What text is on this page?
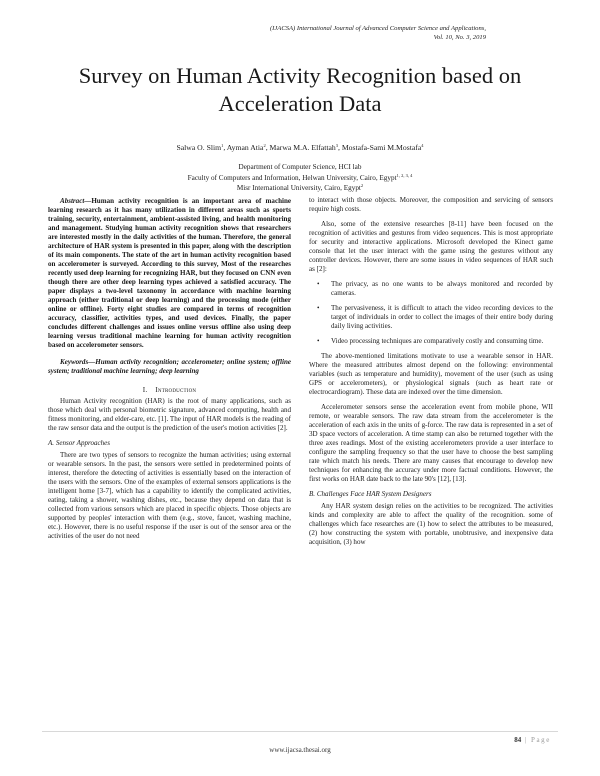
(IJACSA) International Journal of Advanced Computer Science and Applications,
Vol. 10, No. 3, 2019
Survey on Human Activity Recognition based on
Acceleration Data
Salwa O. Slim$^1$, Ayman Atia$^2$, Marwa M.A. Elfattah$^3$, Mostafa-Sami M.Mostafa$^4$
Department of Computer Science, HCI lab
Faculty of Computers and Information, Helwan University, Cairo, Egypt$^{1, 2, 3, 4}$
Misr International University, Cairo, Egypt$^2$

Abstract—Human activity recognition is an important area of machine learning research as it has many utilization in different areas such as sports training, security, entertainment, ambient-assisted living, and health monitoring and management. Studying human activity recognition shows that researchers are interested mostly in the daily activities of the human. Therefore, the general architecture of HAR system is presented in this paper, along with the description of its main components. The state of the art in human activity recognition based on accelerometer is surveyed. According to this survey, Most of the researches recently used deep learning for recognizing HAR, but they focused on CNN even though there are other deep learning types achieved a satisfied accuracy. The paper displays a two-level taxonomy in accordance with machine learning approach (either traditional or deep learning) and the processing mode (either online or offline). Forty eight studies are compared in terms of recognition accuracy, classifier, activities types, and used devices. Finally, the paper concludes different challenges and issues online versus offline also using deep learning versus traditional machine learning for human activity recognition based on accelerometer sensors.

Keywords—Human activity recognition; accelerometer; online system; offline system; traditional machine learning; deep learning

I. Introduction

Human Activity recognition (HAR) is the root of many applications, such as those which deal with personal biometric signature, advanced computing, health and fitness monitoring, and elder-care, etc. [1]. The input of HAR models is the reading of the raw sensor data and the output is the prediction of the user's motion activities [2].

A. Sensor Approaches

There are two types of sensors to recognize the human activities; using external or wearable sensors. In the past, the sensors were settled in predetermined points of interest, therefore the detecting of activities is essentially based on the interaction of the users with the sensors. One of the examples of external sensors applications is the intelligent home [3-7], which has a capability to identify the complicated activities, eating, taking a shower, washing dishes, etc., because they depend on data that is collected from various sensors which are placed in specific objects. Those objects are supported by peoples' interaction with them (e.g., stove, faucet, washing machine, etc.). However, there is no useful response if the user is out of the sensor area or the activities of the user do not need

to interact with those objects. Moreover, the composition and servicing of sensors require high costs.

Also, some of the extensive researches [8-11] have been focused on the recognition of activities and gestures from video sequences. This is most appropriate for security and interactive applications. Microsoft developed the Kinect game console that let the user interact with the game using the gestures without any controller devices. However, there are some issues in video sequences of HAR such as [2]:

• The privacy, as no one wants to be always monitored and recorded by cameras.
• The pervasiveness, it is difficult to attach the video recording devices to the target of individuals in order to collect the images of their entire body during daily living activities.
• Video processing techniques are comparatively costly and consuming time.

The above-mentioned limitations motivate to use a wearable sensor in HAR. Where the measured attributes almost depend on the following: environmental variables (such as temperature and humidity), movement of the user (such as using GPS or accelerometers), or physiological signals (such as heart rate or electrocardiogram). These data are indexed over the time dimension.

Accelerometer sensors sense the acceleration event from mobile phone, WII remote, or wearable sensors. The raw data stream from the accelerometer is the acceleration of each axis in the units of g-force. The raw data is represented in a set of 3D space vectors of acceleration. A time stamp can also be returned together with the three axes readings. Most of the existing accelerometers provide a user interface to configure the sampling frequency so that the user have to choose the best sampling rate which match his needs. There are many causes that encourage to develop new techniques for enhancing the accuracy under more factual conditions. However, the first works on HAR date back to the late 90's [12], [13].

B. Challenges Face HAR System Designers

Any HAR system design relies on the activities to be recognized. The activities kinds and complexity are able to affect the quality of the recognition. some of challenges which face researches are (1) how to select the attributes to be measured, (2) how constructing the system with portable, unobtrusive, and inexpensive data acquisition, (3) how

www.ijacsa.thesai.org
84 | Page
